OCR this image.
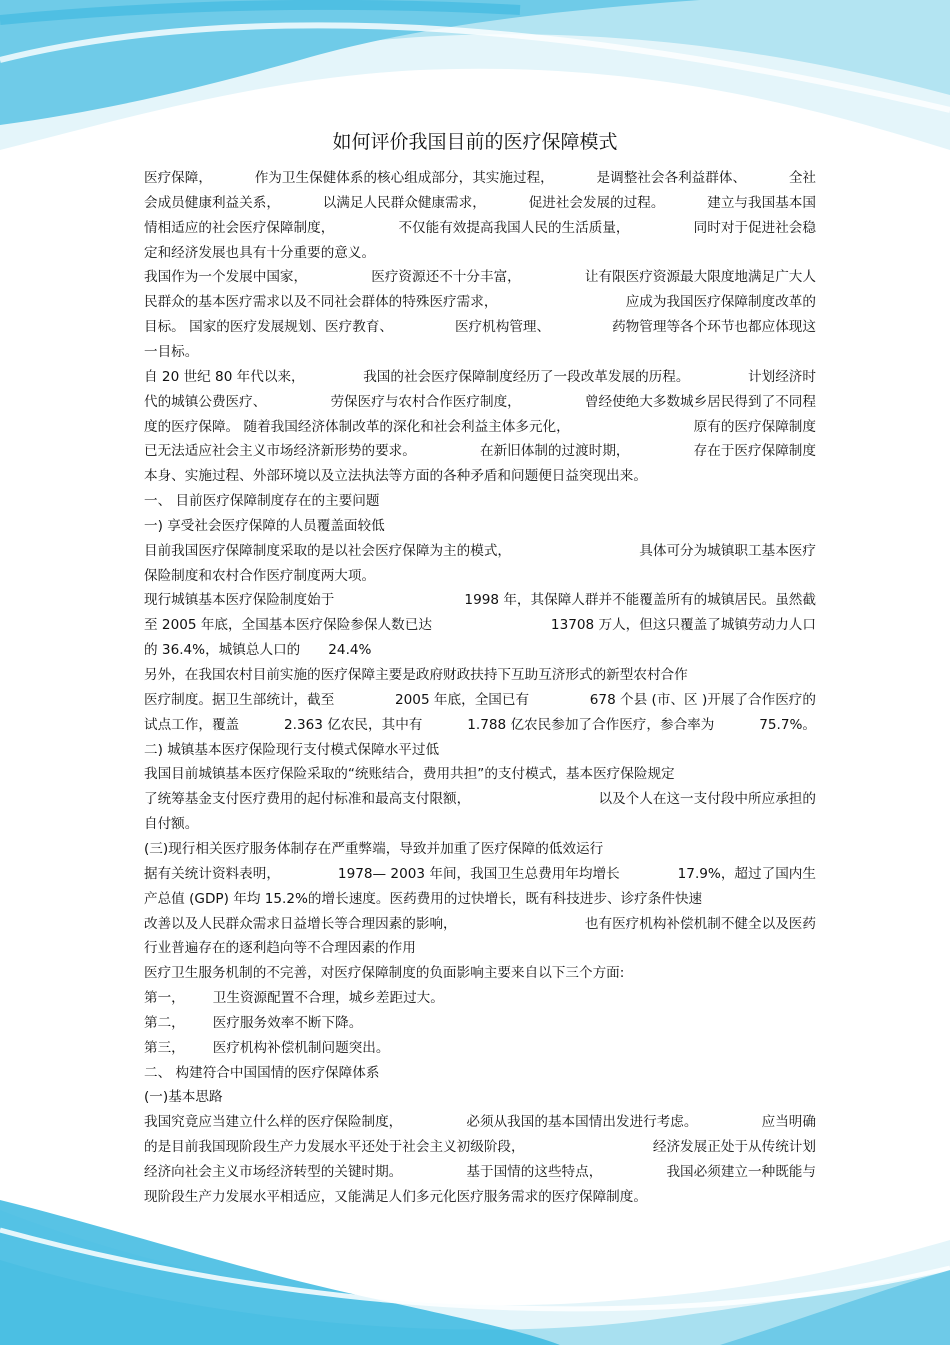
如何评价我国目前的医疗保障模式
医疗保障，	作为卫生保健体系的核心组成部分，其实施过程，	是调整社会各利益群体、	全社
会成员健康利益关系，	以满足人民群众健康需求，	促进社会发展的过程。	建立与我国基本国
情相适应的社会医疗保障制度，	不仅能有效提高我国人民的生活质量，	同时对于促进社会稳
定和经济发展也具有十分重要的意义。
我国作为一个发展中国家，	医疗资源还不十分丰富，	让有限医疗资源最大限度地满足广大人
民群众的基本医疗需求以及不同社会群体的特殊医疗需求，	应成为我国医疗保障制度改革的
目标。 国家的医疗发展规划、医疗教育、	医疗机构管理、	药物管理等各个环节也都应体现这
一目标。
自 20 世纪 80 年代以来，	我国的社会医疗保障制度经历了一段改革发展的历程。	计划经济时
代的城镇公费医疗、	劳保医疗与农村合作医疗制度，	曾经使绝大多数城乡居民得到了不同程
度的医疗保障。 随着我国经济体制改革的深化和社会利益主体多元化，	原有的医疗保障制度
已无法适应社会主义市场经济新形势的要求。	在新旧体制的过渡时期，	存在于医疗保障制度
本身、实施过程、外部环境以及立法执法等方面的各种矛盾和问题便日益突现出来。
一、 目前医疗保障制度存在的主要问题
一) 享受社会医疗保障的人员覆盖面较低
目前我国医疗保障制度采取的是以社会医疗保障为主的模式，	具体可分为城镇职工基本医疗
保险制度和农村合作医疗制度两大项。
现行城镇基本医疗保险制度始于	1998 年，其保障人群并不能覆盖所有的城镇居民。虽然截
至 2005 年底，全国基本医疗保险参保人数已达	13708 万人，但这只覆盖了城镇劳动力人口
的 36.4%，城镇总人口的 24.4%
另外，在我国农村目前实施的医疗保障主要是政府财政扶持下互助互济形式的新型农村合作
医疗制度。据卫生部统计，截至	2005 年底，全国已有	678 个县 (市、区 )开展了合作医疗的
试点工作，覆盖	2.363 亿农民，其中有	1.788 亿农民参加了合作医疗，参合率为	75.7%。
二) 城镇基本医疗保险现行支付模式保障水平过低
我国目前城镇基本医疗保险采取的“统账结合，费用共担”的支付模式，基本医疗保险规定
了统筹基金支付医疗费用的起付标准和最高支付限额，	以及个人在这一支付段中所应承担的
自付额。
(三)现行相关医疗服务体制存在严重弊端，导致并加重了医疗保障的低效运行
据有关统计资料表明，	1978— 2003 年间，我国卫生总费用年均增长	17.9%，超过了国内生
产总值 (GDP) 年均 15.2%的增长速度。医药费用的过快增长，既有科技进步、诊疗条件快速
改善以及人民群众需求日益增长等合理因素的影响，	也有医疗机构补偿机制不健全以及医药
行业普遍存在的逐利趋向等不合理因素的作用
医疗卫生服务机制的不完善，对医疗保障制度的负面影响主要来自以下三个方面:
第一， 卫生资源配置不合理，城乡差距过大。
第二， 医疗服务效率不断下降。
第三， 医疗机构补偿机制问题突出。
二、 构建符合中国国情的医疗保障体系
(一)基本思路
我国究竟应当建立什么样的医疗保险制度，	必须从我国的基本国情出发进行考虑。	应当明确
的是目前我国现阶段生产力发展水平还处于社会主义初级阶段，	经济发展正处于从传统计划
经济向社会主义市场经济转型的关键时期。	基于国情的这些特点，	我国必须建立一种既能与
现阶段生产力发展水平相适应，又能满足人们多元化医疗服务需求的医疗保障制度。
